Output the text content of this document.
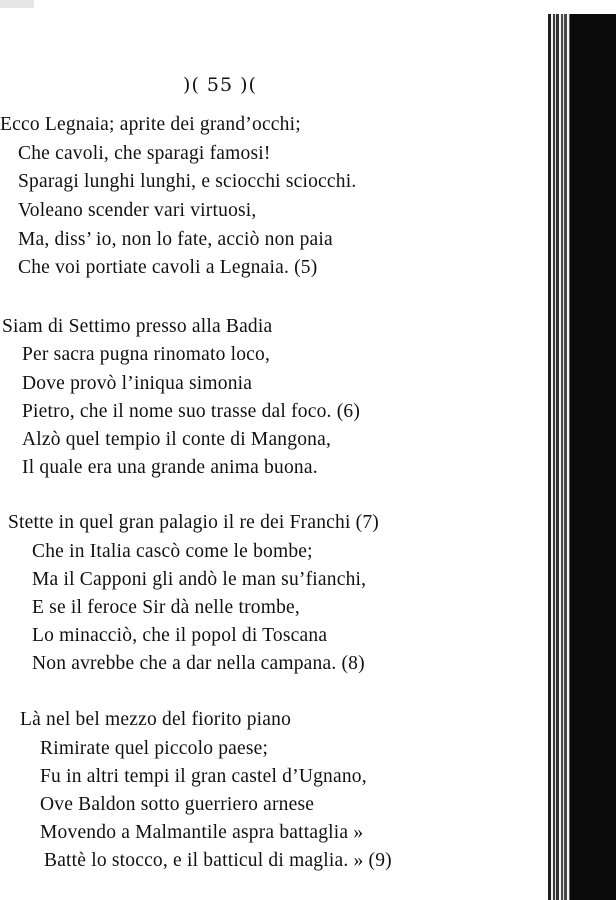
)( 55 )(
Ecco Legnaia; aprite dei grand’occhi;
Che cavoli, che sparagi famosi!
Sparagi lunghi lunghi, e sciocchi sciocchi.
Voleano scender vari virtuosi,
Ma, diss’ io, non lo fate, acciò non paia
Che voi portiate cavoli a Legnaia. (5)
Siam di Settimo presso alla Badia
Per sacra pugna rinomato loco,
Dove provò l’iniqua simonia
Pietro, che il nome suo trasse dal foco. (6)
Alzò quel tempio il conte di Mangona,
Il quale era una grande anima buona.
Stette in quel gran palagio il re dei Franchi (7)
Che in Italia cascò come le bombe;
Ma il Capponi gli andò le man su’fianchi,
E se il feroce Sir dà nelle trombe,
Lo minacciò, che il popol di Toscana
Non avrebbe che a dar nella campana. (8)
Là nel bel mezzo del fiorito piano
Rimirate quel piccolo paese;
Fu in altri tempi il gran castel d’Ugnano,
Ove Baldon sotto guerriero arnese
Movendo a Malmantile aspra battaglia »
Battè lo stocco, e il batticul di maglia. » (9)
